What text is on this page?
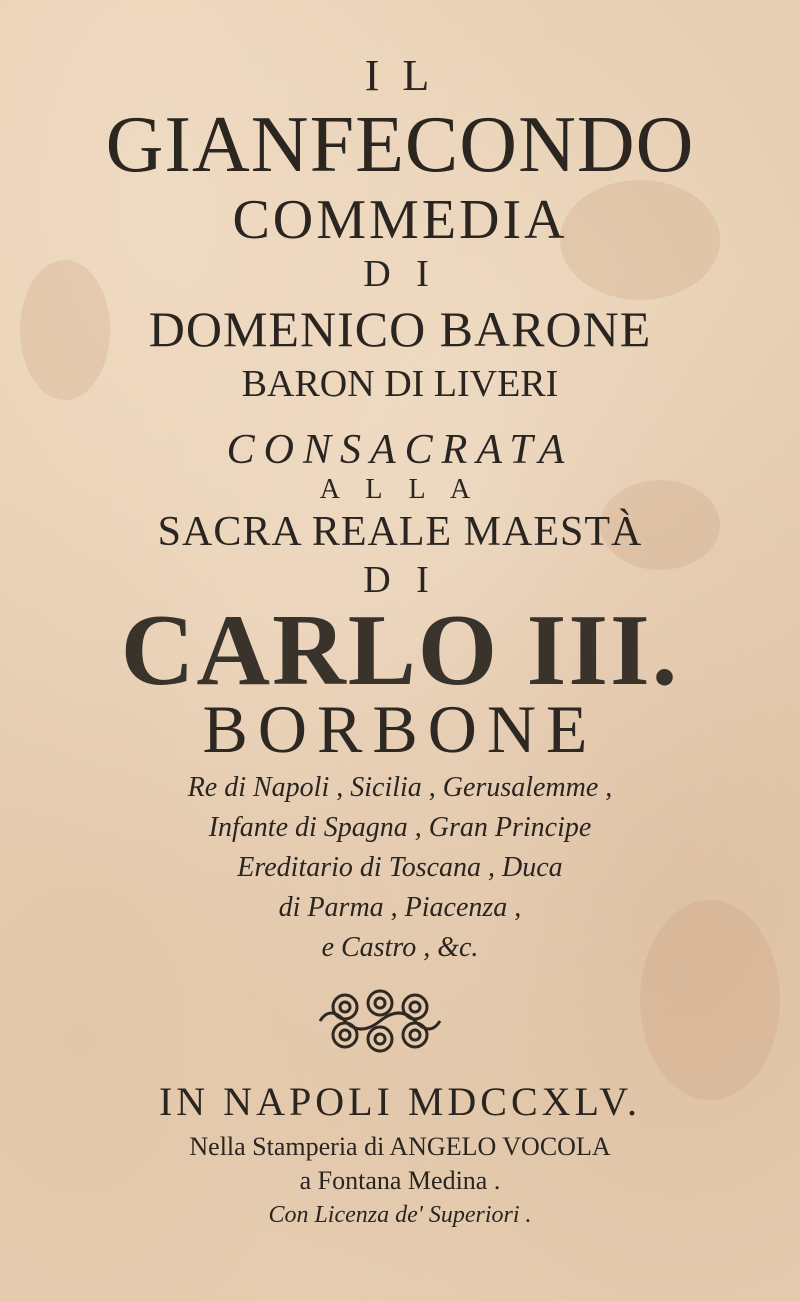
I L
GIANFECONDO
COMMEDIA
D I
DOMENICO BARONE
BARON DI LIVERI
CONSACRATA
A L L A
SACRA REALE MAESTÀ
D I
CARLO III.
BORBONE
Re di Napoli , Sicilia , Gerusalemme ,
Infante di Spagna , Gran Principe
Ereditario di Toscana , Duca
di Parma , Piacenza ,
e Castro , &c.
IN NAPOLI MDCCXLV.
Nella Stamperia di ANGELO VOCOLA
a Fontana Medina .
Con Licenza de' Superiori .
